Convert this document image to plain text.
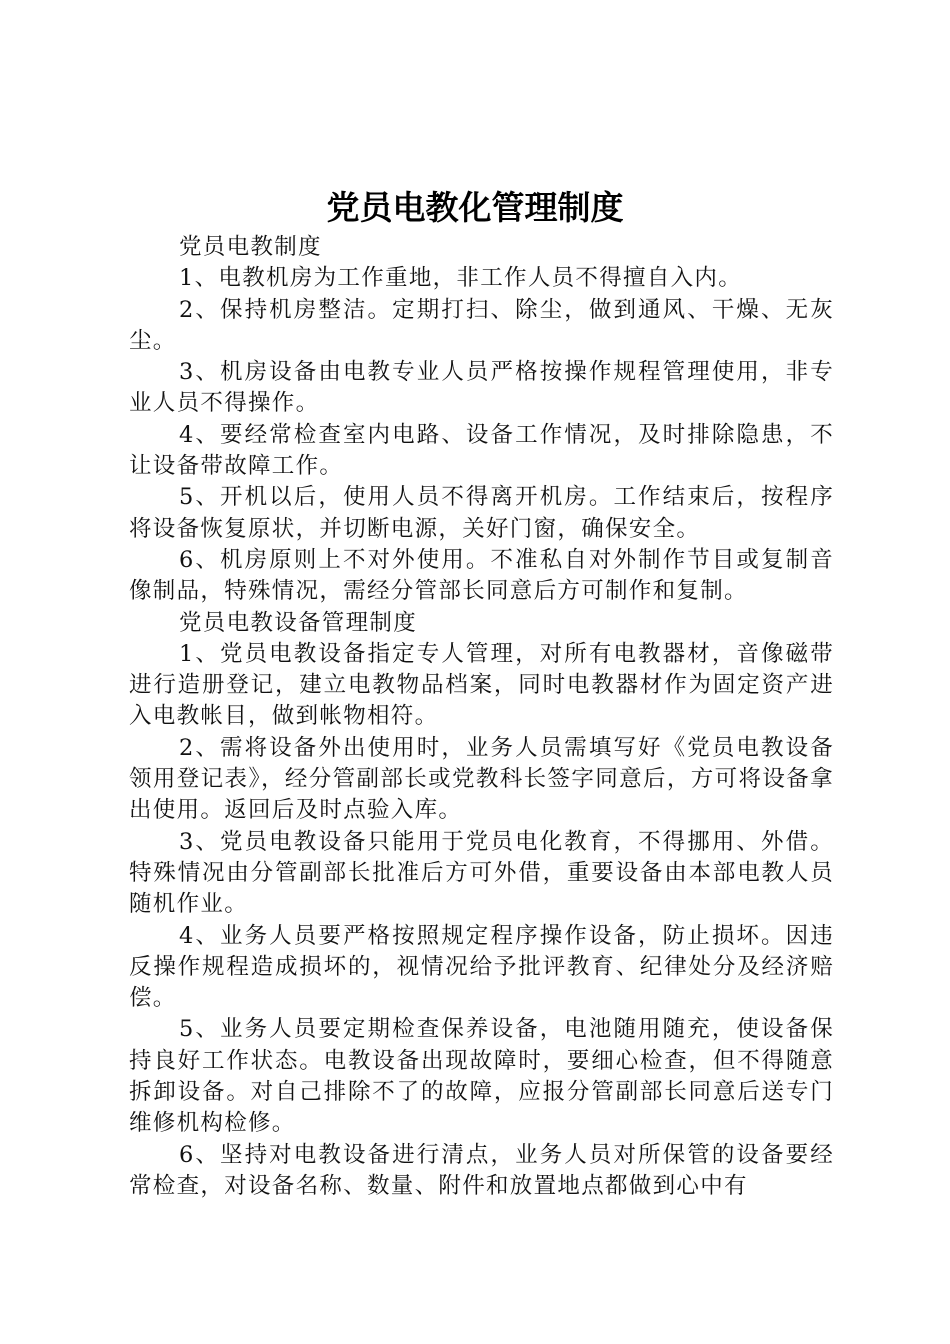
党员电教化管理制度

党员电教制度

1、电教机房为工作重地，非工作人员不得擅自入内。

2、保持机房整洁。定期打扫、除尘，做到通风、干燥、无灰尘。

3、机房设备由电教专业人员严格按操作规程管理使用，非专业人员不得操作。

4、要经常检查室内电路、设备工作情况，及时排除隐患，不让设备带故障工作。

5、开机以后，使用人员不得离开机房。工作结束后，按程序将设备恢复原状，并切断电源，关好门窗，确保安全。

6、机房原则上不对外使用。不准私自对外制作节目或复制音像制品，特殊情况，需经分管部长同意后方可制作和复制。

党员电教设备管理制度

1、党员电教设备指定专人管理，对所有电教器材，音像磁带进行造册登记，建立电教物品档案，同时电教器材作为固定资产进入电教帐目，做到帐物相符。

2、需将设备外出使用时，业务人员需填写好《党员电教设备领用登记表》，经分管副部长或党教科长签字同意后，方可将设备拿出使用。返回后及时点验入库。

3、党员电教设备只能用于党员电化教育，不得挪用、外借。特殊情况由分管副部长批准后方可外借，重要设备由本部电教人员随机作业。

4、业务人员要严格按照规定程序操作设备，防止损坏。因违反操作规程造成损坏的，视情况给予批评教育、纪律处分及经济赔偿。

5、业务人员要定期检查保养设备，电池随用随充，使设备保持良好工作状态。电教设备出现故障时，要细心检查，但不得随意拆卸设备。对自己排除不了的故障，应报分管副部长同意后送专门维修机构检修。

6、坚持对电教设备进行清点，业务人员对所保管的设备要经常检查，对设备名称、数量、附件和放置地点都做到心中有
